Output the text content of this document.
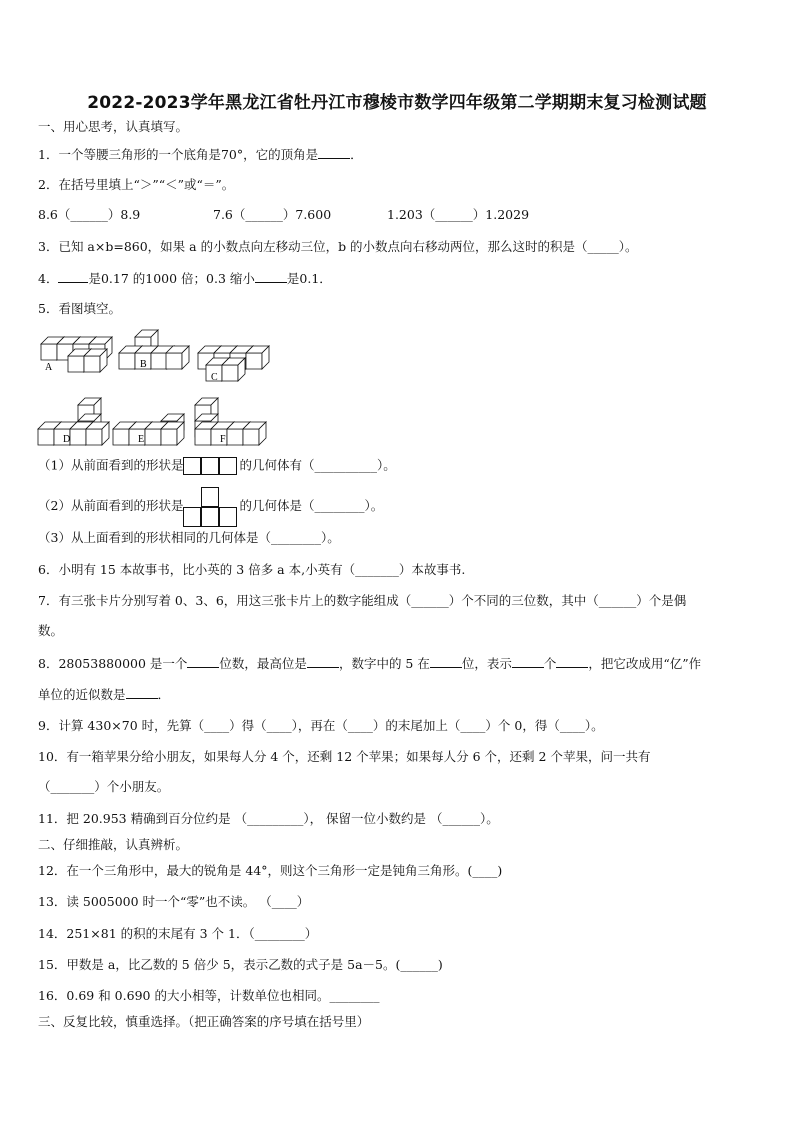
2022-2023学年黑龙江省牡丹江市穆棱市数学四年级第二学期期末复习检测试题
一、用心思考，认真填写。
1．一个等腰三角形的一个底角是70°，它的顶角是	．
2．在括号里填上“＞”“＜”或“＝”。
8.6（______）8.9	7.6（______）7.600	1.203（______）1.2029
3．已知 a×b=860，如果 a 的小数点向左移动三位，b 的小数点向右移动两位，那么这时的积是（_____）。
4． 是0.17 的1000 倍；0.3 缩小	是0.1．
5．看图填空。
A	B
C
D	E	F
（1）从前面看到的形状是	的几何体有（__________）。
（2）从前面看到的形状是	的几何体是（________）。
（3）从上面看到的形状相同的几何体是（________）。
6．小明有 15 本故事书，比小英的 3 倍多 a 本,小英有（_______）本故事书.
7．有三张卡片分别写着 0、3、6，用这三张卡片上的数字能组成（______）个不同的三位数，其中（______）个是偶
数。
8．28053880000 是一个	位数，最高位是	，数字中的 5 在	位，表示	个	，把它改成用“亿”作
单位的近似数是	．
9．计算 430×70 时，先算（____）得（____），再在（____）的末尾加上（____）个 0，得（____）。
10．有一箱苹果分给小朋友，如果每人分 4 个，还剩 12 个苹果；如果每人分 6 个，还剩 2 个苹果，问一共有
（_______）个小朋友。
11．把 20.953 精确到百分位约是 （_________）， 保留一位小数约是 （______）。
二、仔细推敲，认真辨析。
12．在一个三角形中，最大的锐角是 44°，则这个三角形一定是钝角三角形。(____)
13．读 5005000 时一个“零”也不读。 （____）
14．251×81 的积的末尾有 3 个 1．（________）
15．甲数是 a，比乙数的 5 倍少 5，表示乙数的式子是 5a－5。(______)
16．0.69 和 0.690 的大小相等，计数单位也相同。________
三、反复比较，慎重选择。（把正确答案的序号填在括号里）
